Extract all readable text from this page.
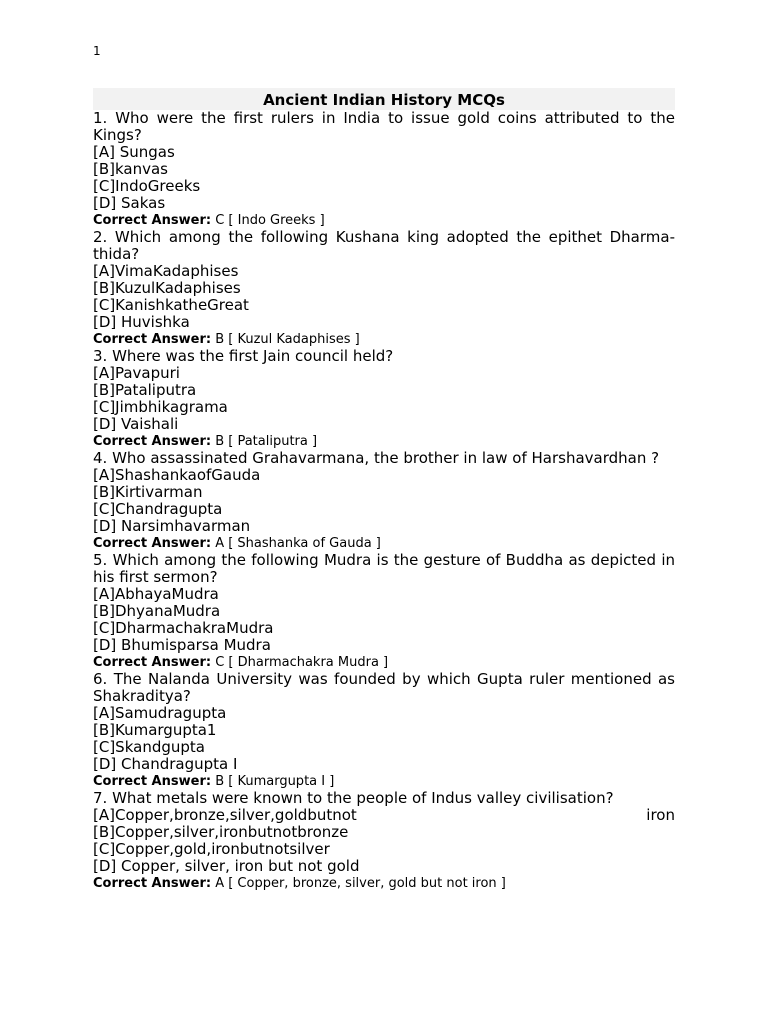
1
Ancient Indian History MCQs

1. Who were the first rulers in India to issue gold coins attributed to the Kings?

[A] Sungas

[B]kanvas

[C]IndoGreeks

[D] Sakas

Correct Answer: C [ Indo Greeks ]

2. Which among the following Kushana king adopted the epithet Dharma-thida?

[A]VimaKadaphises

[B]KuzulKadaphises

[C]KanishkatheGreat

[D] Huvishka

Correct Answer: B [ Kuzul Kadaphises ]

3. Where was the first Jain council held?

[A]Pavapuri

[B]Pataliputra

[C]Jimbhikagrama

[D] Vaishali

Correct Answer: B [ Pataliputra ]

4. Who assassinated Grahavarmana, the brother in law of Harshavardhan ?

[A]ShashankaofGauda

[B]Kirtivarman

[C]Chandragupta

[D] Narsimhavarman

Correct Answer: A [ Shashanka of Gauda ]

5. Which among the following Mudra is the gesture of Buddha as depicted in his first sermon?

[A]AbhayaMudra

[B]DhyanaMudra

[C]DharmachakraMudra

[D] Bhumisparsa Mudra

Correct Answer: C [ Dharmachakra Mudra ]

6. The Nalanda University was founded by which Gupta ruler mentioned as Shakraditya?

[A]Samudragupta

[B]Kumargupta1

[C]Skandgupta

[D] Chandragupta I

Correct Answer: B [ Kumargupta I ]

7. What metals were known to the people of Indus valley civilisation?

[A]Copper,bronze,silver,goldbutnot	iron

[B]Copper,silver,ironbutnotbronze

[C]Copper,gold,ironbutnotsilver

[D] Copper, silver, iron but not gold

Correct Answer: A [ Copper, bronze, silver, gold but not iron ]
